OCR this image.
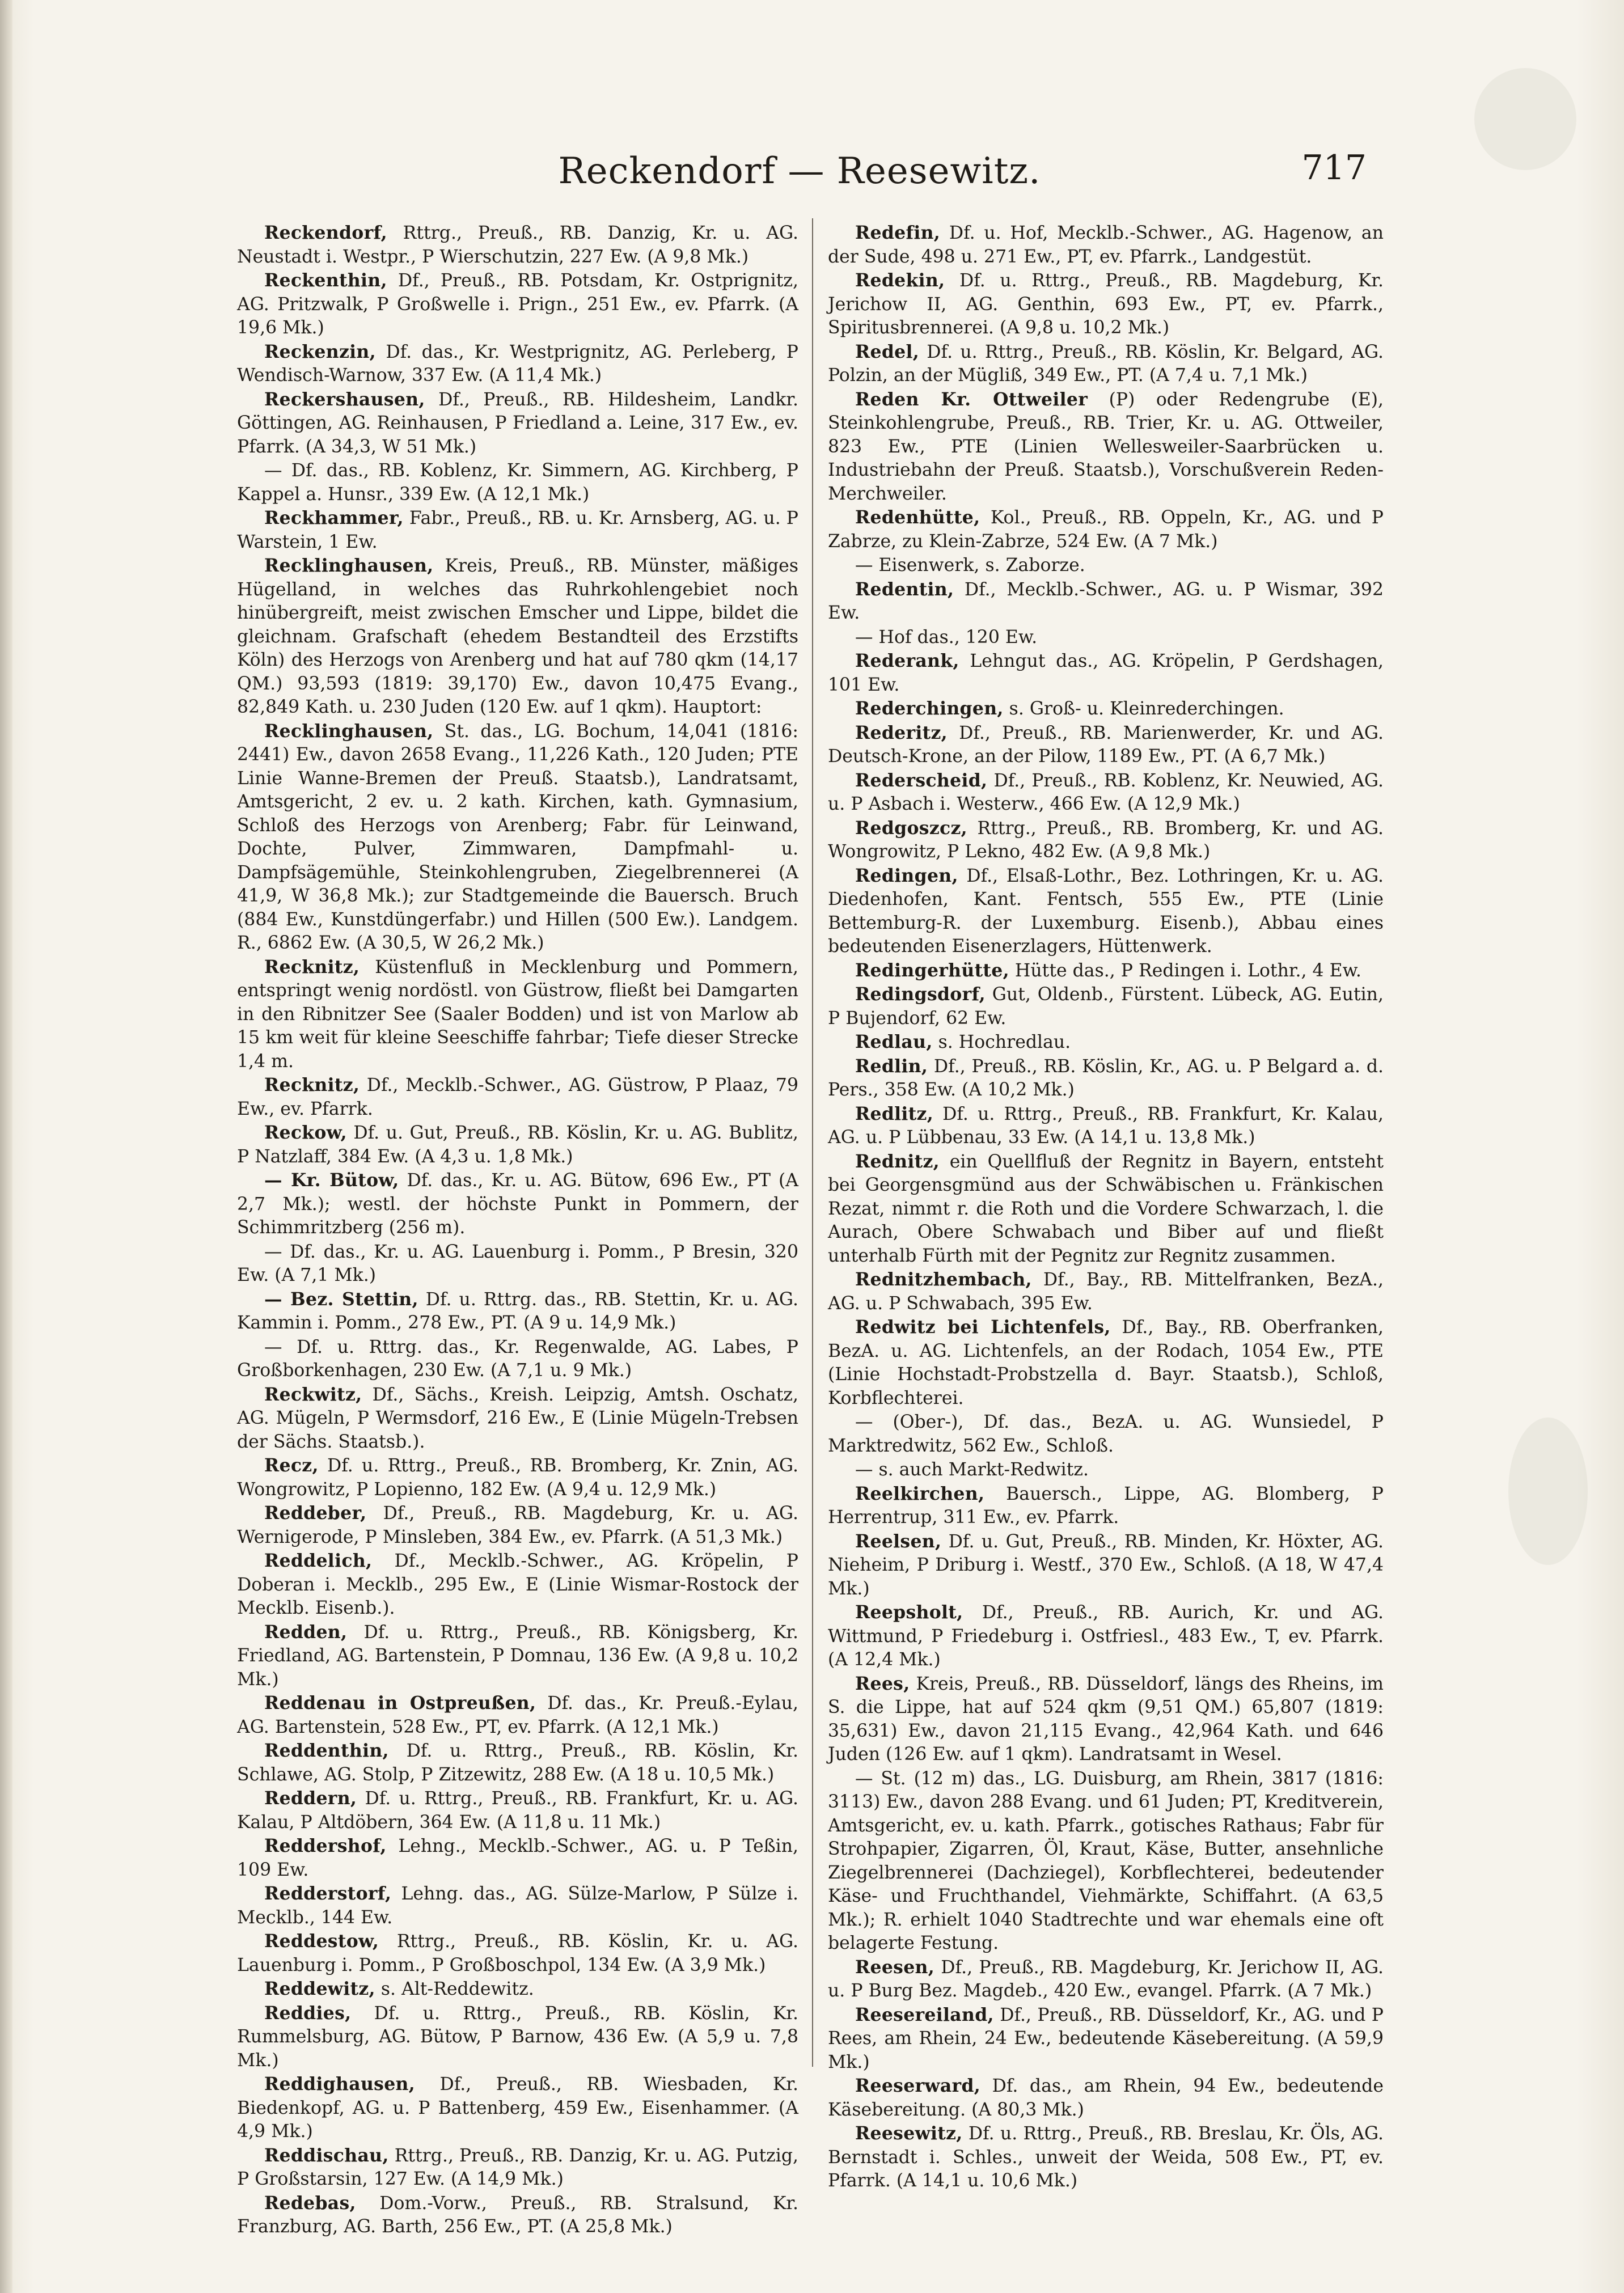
Reckendorf — Reesewitz.	717

Reckendorf, Rttrg., Preuß., RB. Danzig, Kr. u. AG. Neustadt i. Westpr., P Wierschutzin, 227 Ew. (A 9,8 Mk.)

Reckenthin, Df., Preuß., RB. Potsdam, Kr. Ostprignitz, AG. Pritzwalk, P Großwelle i. Prign., 251 Ew., ev. Pfarrk. (A 19,6 Mk.)

Reckenzin, Df. das., Kr. Westprignitz, AG. Perleberg, P Wendisch-Warnow, 337 Ew. (A 11,4 Mk.)

Reckershausen, Df., Preuß., RB. Hildesheim, Landkr. Göttingen, AG. Reinhausen, P Friedland a. Leine, 317 Ew., ev. Pfarrk. (A 34,3, W 51 Mk.)

— Df. das., RB. Koblenz, Kr. Simmern, AG. Kirchberg, P Kappel a. Hunsr., 339 Ew. (A 12,1 Mk.)

Reckhammer, Fabr., Preuß., RB. u. Kr. Arnsberg, AG. u. P Warstein, 1 Ew.

Recklinghausen, Kreis, Preuß., RB. Münster, mäßiges Hügelland, in welches das Ruhrkohlengebiet noch hinübergreift, meist zwischen Emscher und Lippe, bildet die gleichnam. Grafschaft (ehedem Bestandteil des Erzstifts Köln) des Herzogs von Arenberg und hat auf 780 qkm (14,17 QM.) 93,593 (1819: 39,170) Ew., davon 10,475 Evang., 82,849 Kath. u. 230 Juden (120 Ew. auf 1 qkm). Hauptort:

Recklinghausen, St. das., LG. Bochum, 14,041 (1816: 2441) Ew., davon 2658 Evang., 11,226 Kath., 120 Juden; PTE Linie Wanne-Bremen der Preuß. Staatsb.), Landratsamt, Amtsgericht, 2 ev. u. 2 kath. Kirchen, kath. Gymnasium, Schloß des Herzogs von Arenberg; Fabr. für Leinwand, Dochte, Pulver, Zimmwaren, Dampfmahl- u. Dampfsägemühle, Steinkohlengruben, Ziegelbrennerei (A 41,9, W 36,8 Mk.); zur Stadtgemeinde die Bauersch. Bruch (884 Ew., Kunstdüngerfabr.) und Hillen (500 Ew.). Landgem. R., 6862 Ew. (A 30,5, W 26,2 Mk.)

Recknitz, Küstenfluß in Mecklenburg und Pommern, entspringt wenig nordöstl. von Güstrow, fließt bei Damgarten in den Ribnitzer See (Saaler Bodden) und ist von Marlow ab 15 km weit für kleine Seeschiffe fahrbar; Tiefe dieser Strecke 1,4 m.

Recknitz, Df., Mecklb.-Schwer., AG. Güstrow, P Plaaz, 79 Ew., ev. Pfarrk.

Reckow, Df. u. Gut, Preuß., RB. Köslin, Kr. u. AG. Bublitz, P Natzlaff, 384 Ew. (A 4,3 u. 1,8 Mk.)

— Kr. Bütow, Df. das., Kr. u. AG. Bütow, 696 Ew., PT (A 2,7 Mk.); westl. der höchste Punkt in Pommern, der Schimmritzberg (256 m).

— Df. das., Kr. u. AG. Lauenburg i. Pomm., P Bresin, 320 Ew. (A 7,1 Mk.)

— Bez. Stettin, Df. u. Rttrg. das., RB. Stettin, Kr. u. AG. Kammin i. Pomm., 278 Ew., PT. (A 9 u. 14,9 Mk.)

— Df. u. Rttrg. das., Kr. Regenwalde, AG. Labes, P Großborkenhagen, 230 Ew. (A 7,1 u. 9 Mk.)

Reckwitz, Df., Sächs., Kreish. Leipzig, Amtsh. Oschatz, AG. Mügeln, P Wermsdorf, 216 Ew., E (Linie Mügeln-Trebsen der Sächs. Staatsb.).

Recz, Df. u. Rttrg., Preuß., RB. Bromberg, Kr. Znin, AG. Wongrowitz, P Lopienno, 182 Ew. (A 9,4 u. 12,9 Mk.)

Reddeber, Df., Preuß., RB. Magdeburg, Kr. u. AG. Wernigerode, P Minsleben, 384 Ew., ev. Pfarrk. (A 51,3 Mk.)

Reddelich, Df., Mecklb.-Schwer., AG. Kröpelin, P Doberan i. Mecklb., 295 Ew., E (Linie Wismar-Rostock der Mecklb. Eisenb.).

Redden, Df. u. Rttrg., Preuß., RB. Königsberg, Kr. Friedland, AG. Bartenstein, P Domnau, 136 Ew. (A 9,8 u. 10,2 Mk.)

Reddenau in Ostpreußen, Df. das., Kr. Preuß.-Eylau, AG. Bartenstein, 528 Ew., PT, ev. Pfarrk. (A 12,1 Mk.)

Reddenthin, Df. u. Rttrg., Preuß., RB. Köslin, Kr. Schlawe, AG. Stolp, P Zitzewitz, 288 Ew. (A 18 u. 10,5 Mk.)

Reddern, Df. u. Rttrg., Preuß., RB. Frankfurt, Kr. u. AG. Kalau, P Altdöbern, 364 Ew. (A 11,8 u. 11 Mk.)

Reddershof, Lehng., Mecklb.-Schwer., AG. u. P Teßin, 109 Ew.

Redderstorf, Lehng. das., AG. Sülze-Marlow, P Sülze i. Mecklb., 144 Ew.

Reddestow, Rttrg., Preuß., RB. Köslin, Kr. u. AG. Lauenburg i. Pomm., P Großboschpol, 134 Ew. (A 3,9 Mk.)

Reddewitz, s. Alt-Reddewitz.

Reddies, Df. u. Rttrg., Preuß., RB. Köslin, Kr. Rummelsburg, AG. Bütow, P Barnow, 436 Ew. (A 5,9 u. 7,8 Mk.)

Reddighausen, Df., Preuß., RB. Wiesbaden, Kr. Biedenkopf, AG. u. P Battenberg, 459 Ew., Eisenhammer. (A 4,9 Mk.)

Reddischau, Rttrg., Preuß., RB. Danzig, Kr. u. AG. Putzig, P Großstarsin, 127 Ew. (A 14,9 Mk.)

Redebas, Dom.-Vorw., Preuß., RB. Stralsund, Kr. Franzburg, AG. Barth, 256 Ew., PT. (A 25,8 Mk.)

Redefin, Df. u. Hof, Mecklb.-Schwer., AG. Hagenow, an der Sude, 498 u. 271 Ew., PT, ev. Pfarrk., Landgestüt.

Redekin, Df. u. Rttrg., Preuß., RB. Magdeburg, Kr. Jerichow II, AG. Genthin, 693 Ew., PT, ev. Pfarrk., Spiritusbrennerei. (A 9,8 u. 10,2 Mk.)

Redel, Df. u. Rttrg., Preuß., RB. Köslin, Kr. Belgard, AG. Polzin, an der Mügliß, 349 Ew., PT. (A 7,4 u. 7,1 Mk.)

Reden Kr. Ottweiler (P) oder Redengrube (E), Steinkohlengrube, Preuß., RB. Trier, Kr. u. AG. Ottweiler, 823 Ew., PTE (Linien Wellesweiler-Saarbrücken u. Industriebahn der Preuß. Staatsb.), Vorschußverein Reden-Merchweiler.

Redenhütte, Kol., Preuß., RB. Oppeln, Kr., AG. und P Zabrze, zu Klein-Zabrze, 524 Ew. (A 7 Mk.)

— Eisenwerk, s. Zaborze.

Redentin, Df., Mecklb.-Schwer., AG. u. P Wismar, 392 Ew.

— Hof das., 120 Ew.

Rederank, Lehngut das., AG. Kröpelin, P Gerdshagen, 101 Ew.

Rederchingen, s. Groß- u. Kleinrederchingen.

Rederitz, Df., Preuß., RB. Marienwerder, Kr. und AG. Deutsch-Krone, an der Pilow, 1189 Ew., PT. (A 6,7 Mk.)

Rederscheid, Df., Preuß., RB. Koblenz, Kr. Neuwied, AG. u. P Asbach i. Westerw., 466 Ew. (A 12,9 Mk.)

Redgoszcz, Rttrg., Preuß., RB. Bromberg, Kr. und AG. Wongrowitz, P Lekno, 482 Ew. (A 9,8 Mk.)

Redingen, Df., Elsaß-Lothr., Bez. Lothringen, Kr. u. AG. Diedenhofen, Kant. Fentsch, 555 Ew., PTE (Linie Bettemburg-R. der Luxemburg. Eisenb.), Abbau eines bedeutenden Eisenerzlagers, Hüttenwerk.

Redingerhütte, Hütte das., P Redingen i. Lothr., 4 Ew.

Redingsdorf, Gut, Oldenb., Fürstent. Lübeck, AG. Eutin, P Bujendorf, 62 Ew.

Redlau, s. Hochredlau.

Redlin, Df., Preuß., RB. Köslin, Kr., AG. u. P Belgard a. d. Pers., 358 Ew. (A 10,2 Mk.)

Redlitz, Df. u. Rttrg., Preuß., RB. Frankfurt, Kr. Kalau, AG. u. P Lübbenau, 33 Ew. (A 14,1 u. 13,8 Mk.)

Rednitz, ein Quellfluß der Regnitz in Bayern, entsteht bei Georgensgmünd aus der Schwäbischen u. Fränkischen Rezat, nimmt r. die Roth und die Vordere Schwarzach, l. die Aurach, Obere Schwabach und Biber auf und fließt unterhalb Fürth mit der Pegnitz zur Regnitz zusammen.

Rednitzhembach, Df., Bay., RB. Mittelfranken, BezA., AG. u. P Schwabach, 395 Ew.

Redwitz bei Lichtenfels, Df., Bay., RB. Oberfranken, BezA. u. AG. Lichtenfels, an der Rodach, 1054 Ew., PTE (Linie Hochstadt-Probstzella d. Bayr. Staatsb.), Schloß, Korbflechterei.

— (Ober-), Df. das., BezA. u. AG. Wunsiedel, P Marktredwitz, 562 Ew., Schloß.

— s. auch Markt-Redwitz.

Reelkirchen, Bauersch., Lippe, AG. Blomberg, P Herrentrup, 311 Ew., ev. Pfarrk.

Reelsen, Df. u. Gut, Preuß., RB. Minden, Kr. Höxter, AG. Nieheim, P Driburg i. Westf., 370 Ew., Schloß. (A 18, W 47,4 Mk.)

Reepsholt, Df., Preuß., RB. Aurich, Kr. und AG. Wittmund, P Friedeburg i. Ostfriesl., 483 Ew., T, ev. Pfarrk. (A 12,4 Mk.)

Rees, Kreis, Preuß., RB. Düsseldorf, längs des Rheins, im S. die Lippe, hat auf 524 qkm (9,51 QM.) 65,807 (1819: 35,631) Ew., davon 21,115 Evang., 42,964 Kath. und 646 Juden (126 Ew. auf 1 qkm). Landratsamt in Wesel.

— St. (12 m) das., LG. Duisburg, am Rhein, 3817 (1816: 3113) Ew., davon 288 Evang. und 61 Juden; PT, Kreditverein, Amtsgericht, ev. u. kath. Pfarrk., gotisches Rathaus; Fabr für Strohpapier, Zigarren, Öl, Kraut, Käse, Butter, ansehnliche Ziegelbrennerei (Dachziegel), Korbflechterei, bedeutender Käse- und Fruchthandel, Viehmärkte, Schiffahrt. (A 63,5 Mk.); R. erhielt 1040 Stadtrechte und war ehemals eine oft belagerte Festung.

Reesen, Df., Preuß., RB. Magdeburg, Kr. Jerichow II, AG. u. P Burg Bez. Magdeb., 420 Ew., evangel. Pfarrk. (A 7 Mk.)

Reesereiland, Df., Preuß., RB. Düsseldorf, Kr., AG. und P Rees, am Rhein, 24 Ew., bedeutende Käsebereitung. (A 59,9 Mk.)

Reeserward, Df. das., am Rhein, 94 Ew., bedeutende Käsebereitung. (A 80,3 Mk.)

Reesewitz, Df. u. Rttrg., Preuß., RB. Breslau, Kr. Öls, AG. Bernstadt i. Schles., unweit der Weida, 508 Ew., PT, ev. Pfarrk. (A 14,1 u. 10,6 Mk.)
